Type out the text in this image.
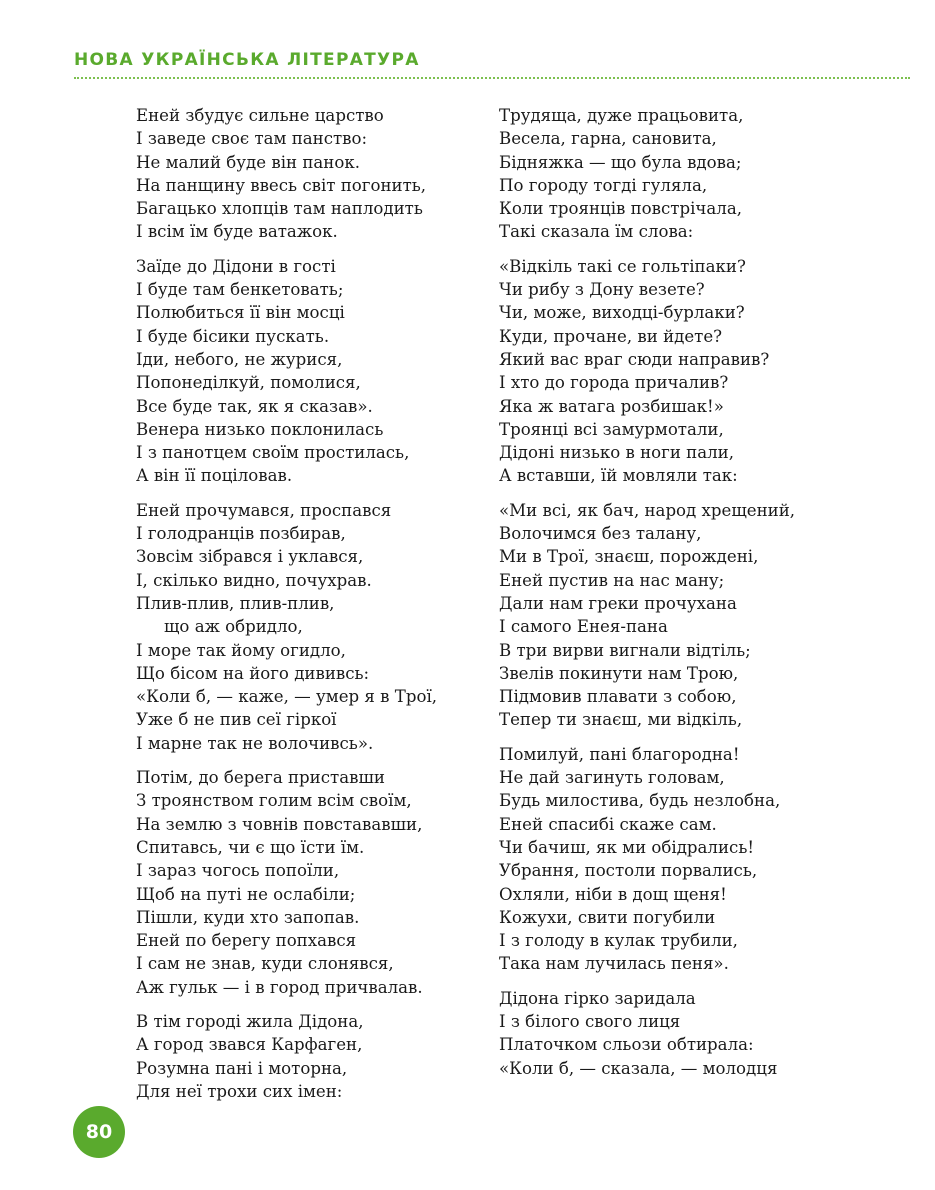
НОВА УКРАЇНСЬКА ЛІТЕРАТУРА
Еней збудує сильне царство
І заведе своє там панство:
Не малий буде він панок.
На панщину ввесь світ погонить,
Багацько хлопців там наплодить
І всім їм буде ватажок.
Заїде до Дідони в гості
І буде там бенкетовать;
Полюбиться її він мосці
І буде бісики пускать.
Іди, небого, не журися,
Попонеділкуй, помолися,
Все буде так, як я сказав».
Венера низько поклонилась
І з панотцем своїм простилась,
А він її поціловав.
Еней прочумався, проспався
І голодранців позбирав,
Зовсім зібрався і уклався,
І, скілько видно, почухрав.
Плив-плив, плив-плив,
що аж обридло,
І море так йому огидло,
Що бісом на його дививсь:
«Коли б, — каже, — умер я в Трої,
Уже б не пив сеї гіркої
І марне так не волочивсь».
Потім, до берега приставши
З троянством голим всім своїм,
На землю з човнів повстававши,
Спитавсь, чи є що їсти їм.
І зараз чогось попоїли,
Щоб на путі не ослабіли;
Пішли, куди хто запопав.
Еней по берегу попхався
І сам не знав, куди слонявся,
Аж гульк — і в город причвалав.
В тім городі жила Дідона,
А город звався Карфаген,
Розумна пані і моторна,
Для неї трохи сих імен:
Трудяща, дуже працьовита,
Весела, гарна, сановита,
Бідняжка — що була вдова;
По городу тогді гуляла,
Коли троянців повстрічала,
Такі сказала їм слова:
«Відкіль такі се гольтіпаки?
Чи рибу з Дону везете?
Чи, може, виходці-бурлаки?
Куди, прочане, ви йдете?
Який вас враг сюди направив?
І хто до города причалив?
Яка ж ватага розбишак!»
Троянці всі замурмотали,
Дідоні низько в ноги пали,
А вставши, їй мовляли так:
«Ми всі, як бач, народ хрещений,
Волочимся без талану,
Ми в Трої, знаєш, порождені,
Еней пустив на нас ману;
Дали нам греки прочухана
І самого Енея-пана
В три вирви вигнали відтіль;
Звелів покинути нам Трою,
Підмовив плавати з собою,
Тепер ти знаєш, ми відкіль,
Помилуй, пані благородна!
Не дай загинуть головам,
Будь милостива, будь незлобна,
Еней спасибі скаже сам.
Чи бачиш, як ми обідрались!
Убрання, постоли порвались,
Охляли, ніби в дощ щеня!
Кожухи, свити погубили
І з голоду в кулак трубили,
Така нам лучилась пеня».
Дідона гірко заридала
І з білого свого лиця
Платочком сльози обтирала:
«Коли б, — сказала, — молодця
80
